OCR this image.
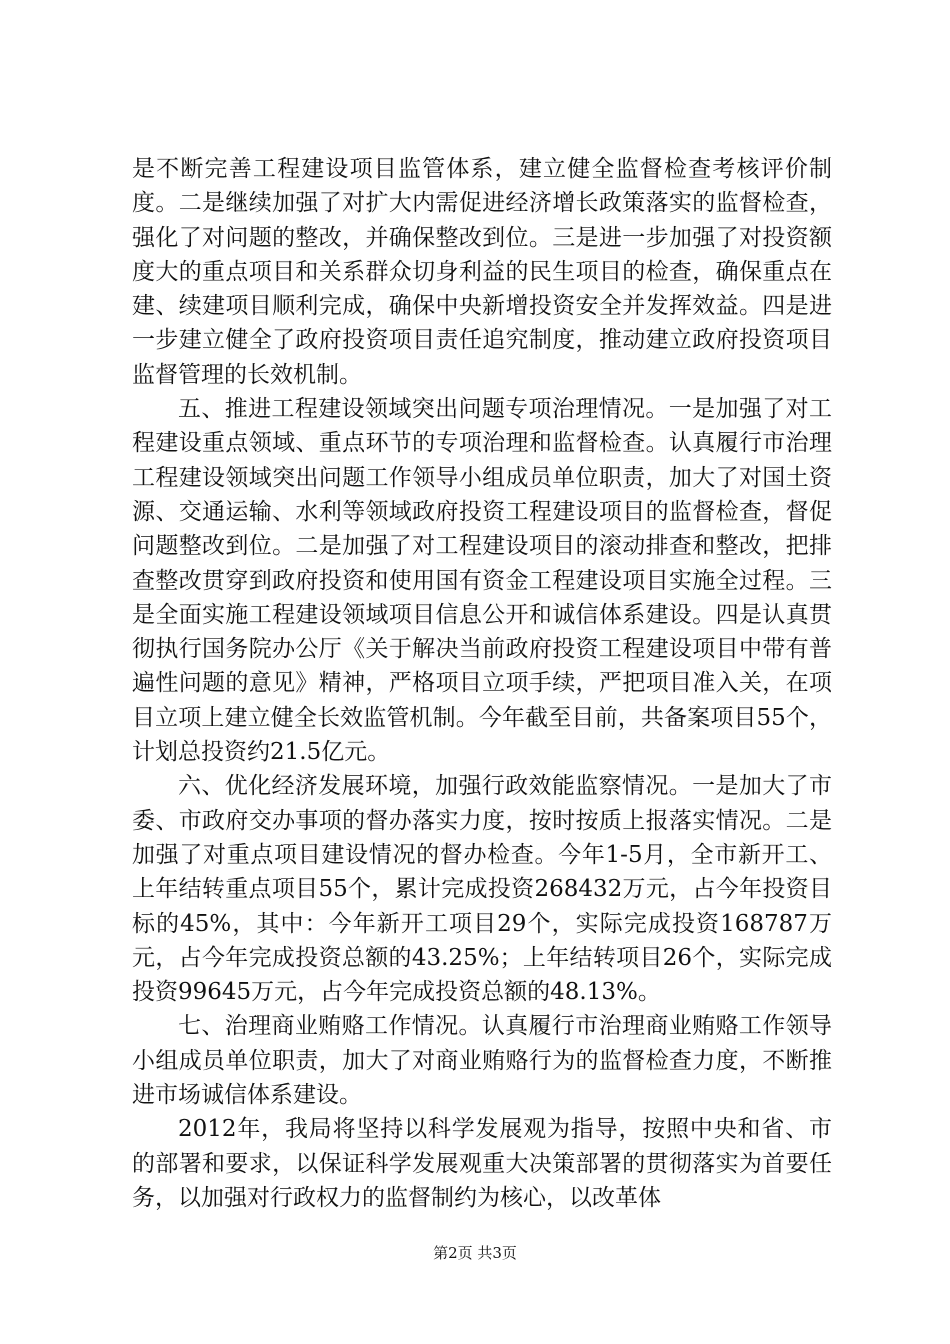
是不断完善工程建设项目监管体系，建立健全监督检查考核评价制度。二是继续加强了对扩大内需促进经济增长政策落实的监督检查，强化了对问题的整改，并确保整改到位。三是进一步加强了对投资额度大的重点项目和关系群众切身利益的民生项目的检查，确保重点在建、续建项目顺利完成，确保中央新增投资安全并发挥效益。四是进一步建立健全了政府投资项目责任追究制度，推动建立政府投资项目监督管理的长效机制。

五、推进工程建设领域突出问题专项治理情况。一是加强了对工程建设重点领域、重点环节的专项治理和监督检查。认真履行市治理工程建设领域突出问题工作领导小组成员单位职责，加大了对国土资源、交通运输、水利等领域政府投资工程建设项目的监督检查，督促问题整改到位。二是加强了对工程建设项目的滚动排查和整改，把排查整改贯穿到政府投资和使用国有资金工程建设项目实施全过程。三是全面实施工程建设领域项目信息公开和诚信体系建设。四是认真贯彻执行国务院办公厅《关于解决当前政府投资工程建设项目中带有普遍性问题的意见》精神，严格项目立项手续，严把项目准入关，在项目立项上建立健全长效监管机制。今年截至目前，共备案项目55个，计划总投资约21.5亿元。

六、优化经济发展环境，加强行政效能监察情况。一是加大了市委、市政府交办事项的督办落实力度，按时按质上报落实情况。二是加强了对重点项目建设情况的督办检查。今年1-5月，全市新开工、上年结转重点项目55个，累计完成投资268432万元，占今年投资目标的45%，其中：今年新开工项目29个，实际完成投资168787万元，占今年完成投资总额的43.25%；上年结转项目26个，实际完成投资99645万元，占今年完成投资总额的48.13%。

七、治理商业贿赂工作情况。认真履行市治理商业贿赂工作领导小组成员单位职责，加大了对商业贿赂行为的监督检查力度，不断推进市场诚信体系建设。

2012年，我局将坚持以科学发展观为指导，按照中央和省、市的部署和要求，以保证科学发展观重大决策部署的贯彻落实为首要任务，以加强对行政权力的监督制约为核心，以改革体

第2页 共3页
